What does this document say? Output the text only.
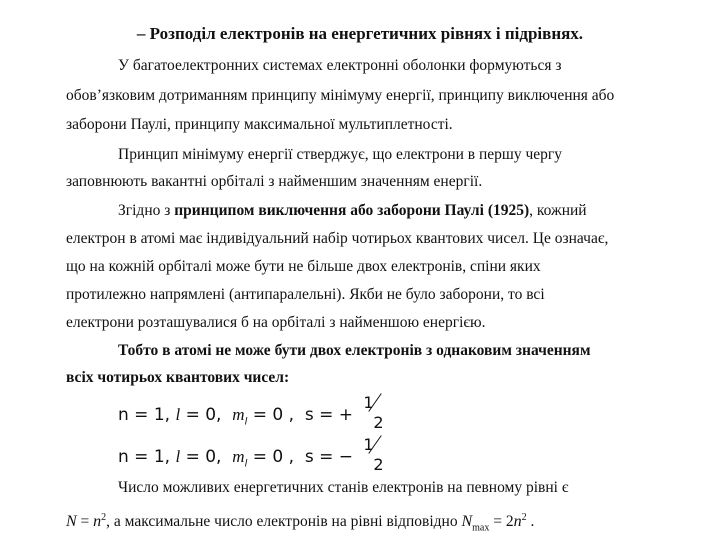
– Розподіл електронів на енергетичних рівнях і підрівнях.
У багатоелектронних системах електронні оболонки формуються з
обов’язковим дотриманням принципу мінімуму енергії, принципу виключення або
заборони Паулі, принципу максимальної мультиплетності.
Принцип мінімуму енергії стверджує, що електрони в першу чергу
заповнюють вакантні орбіталі з найменшим значенням енергії.
Згідно з принципом виключення або заборони Паулі (1925), кожний
електрон в атомі має індивідуальний набір чотирьох квантових чисел. Це означає,
що на кожній орбіталі може бути не більше двох електронів, спіни яких
протилежно напрямлені (антипаралельні). Якби не було заборони, то всі
електрони розташувалися б на орбіталі з найменшою енергією.
Тобто в атомі не може бути двох електронів з однаковим значенням
всіх чотирьох квантових чисел:
n = 1, l = 0, $m_l = 0$ , s = +
1
2
n = 1, l = 0, $m_l = 0$ , s = −
1
2
Число можливих енергетичних станів електронів на певному рівні є
$N = n^2$, а максимальне число електронів на рівні відповідно $N_{max} = 2n^2$ .
